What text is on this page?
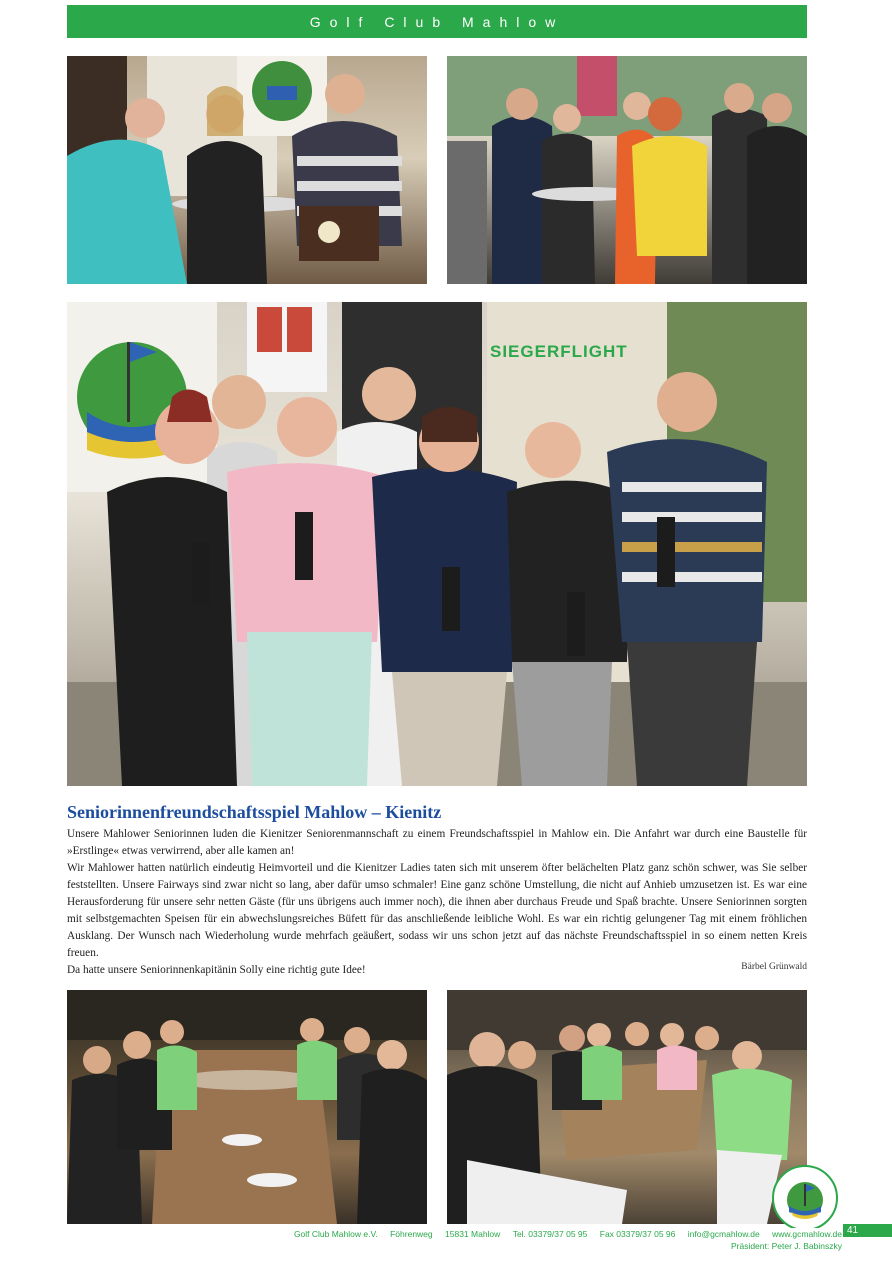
Golf Club Mahlow
SIEGERFLIGHT
Seniorinnenfreundschaftsspiel Mahlow – Kienitz

Unsere Mahlower Seniorinnen luden die Kienitzer Seniorenmannschaft zu einem Freundschaftsspiel in Mahlow ein. Die Anfahrt war durch eine Baustelle für »Erstlinge« etwas verwirrend, aber alle kamen an!

Wir Mahlower hatten natürlich eindeutig Heimvorteil und die Kienitzer Ladies taten sich mit unserem öfter belächelten Platz ganz schön schwer, was Sie selber feststellten. Unsere Fairways sind zwar nicht so lang, aber dafür umso schmaler! Eine ganz schöne Umstellung, die nicht auf Anhieb umzusetzen ist. Es war eine Herausforderung für unsere sehr netten Gäste (für uns übrigens auch immer noch), die ihnen aber durchaus Freude und Spaß brachte. Unsere Seniorinnen sorgten mit selbstgemachten Speisen für ein abwechslungsreiches Büfett für das anschließende leibliche Wohl. Es war ein richtig gelungener Tag mit einem fröhlichen Ausklang. Der Wunsch nach Wiederholung wurde mehrfach geäußert, sodass wir uns schon jetzt auf das nächste Freundschaftsspiel in so einem netten Kreis freuen.

Da hatte unsere Seniorinnenkapitänin Solly eine richtig gute Idee!	Bärbel Grünwald
Golf Club Mahlow e.V. Föhrenweg 15831 Mahlow Tel. 03379/37 05 95 Fax 03379/37 05 96 info@gcmahlow.de www.gcmahlow.de
Präsident: Peter J. Babinszky
41
